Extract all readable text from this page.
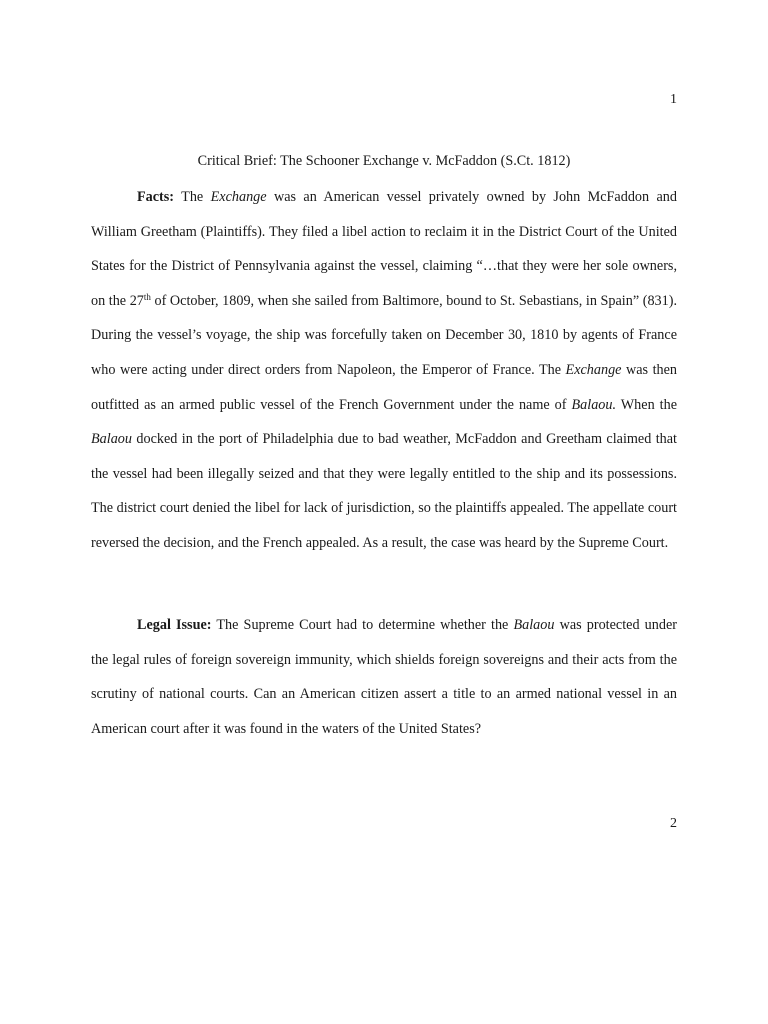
1
Critical Brief: The Schooner Exchange v. McFaddon (S.Ct. 1812)

Facts: The Exchange was an American vessel privately owned by John McFaddon and William Greetham (Plaintiffs). They filed a libel action to reclaim it in the District Court of the United States for the District of Pennsylvania against the vessel, claiming “…that they were her sole owners, on the 27th of October, 1809, when she sailed from Baltimore, bound to St. Sebastians, in Spain” (831). During the vessel’s voyage, the ship was forcefully taken on December 30, 1810 by agents of France who were acting under direct orders from Napoleon, the Emperor of France. The Exchange was then outfitted as an armed public vessel of the French Government under the name of Balaou. When the Balaou docked in the port of Philadelphia due to bad weather, McFaddon and Greetham claimed that the vessel had been illegally seized and that they were legally entitled to the ship and its possessions. The district court denied the libel for lack of jurisdiction, so the plaintiffs appealed. The appellate court reversed the decision, and the French appealed. As a result, the case was heard by the Supreme Court.

Legal Issue: The Supreme Court had to determine whether the Balaou was protected under the legal rules of foreign sovereign immunity, which shields foreign sovereigns and their acts from the scrutiny of national courts. Can an American citizen assert a title to an armed national vessel in an American court after it was found in the waters of the United States?

2
